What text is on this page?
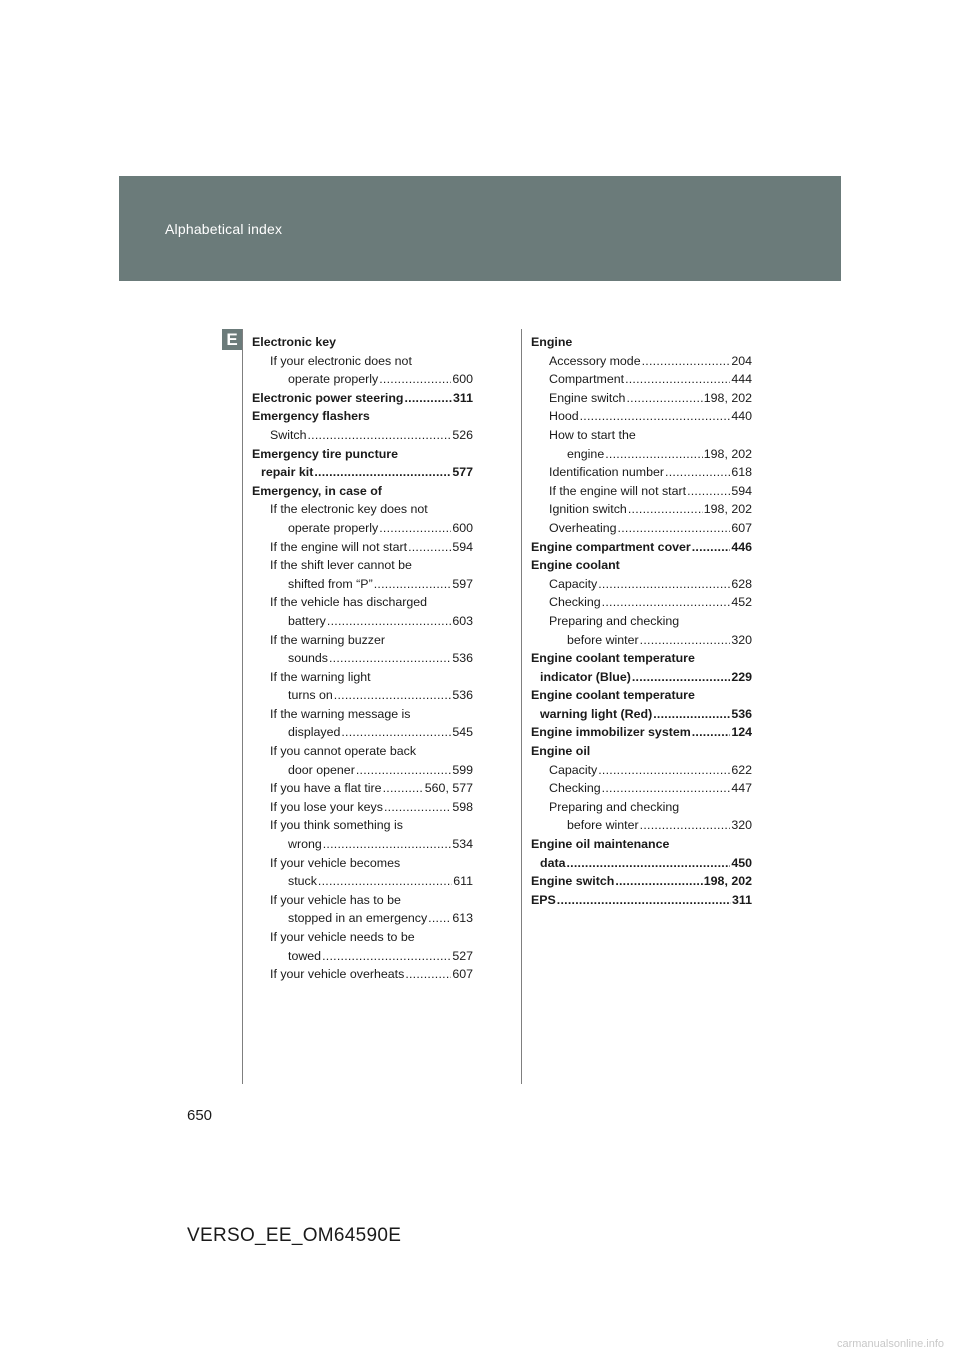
Alphabetical index
E	Electronic key
If your electronic does not
operate properly . . .	600
Electronic power steering . . .	311
Emergency flashers
Switch . . .	526
Emergency tire puncture
repair kit . . .	577
Emergency, in case of
If the electronic key does not
operate properly . . .	600
If the engine will not start . . .	594
If the shift lever cannot be
shifted from “P” . . .	597
If the vehicle has discharged
battery . . .	603
If the warning buzzer
sounds . . .	536
If the warning light
turns on . . .	536
If the warning message is
displayed . . .	545
If you cannot operate back
door opener . . .	599
If you have a flat tire . . .	560, 577
If you lose your keys . . .	598
If you think something is
wrong . . .	534
If your vehicle becomes
stuck . . .	611
If your vehicle has to be
stopped in an emergency . . . 613
If your vehicle needs to be
towed . . .	527
If your vehicle overheats . . .	607
Engine
Accessory mode . . .	204
Compartment . . .	444
Engine switch . . .	198, 202
Hood . . .	440
How to start the
engine . . .	198, 202
Identification number . . .	618
If the engine will not start . . .	594
Ignition switch . . .	198, 202
Overheating . . .	607
Engine compartment cover . . .	446
Engine coolant
Capacity . . .	628
Checking . . .	452
Preparing and checking
before winter . . .	320
Engine coolant temperature
indicator (Blue) . . .	229
Engine coolant temperature
warning light (Red) . . .	536
Engine immobilizer system . . .	124
Engine oil
Capacity . . .	622
Checking . . .	447
Preparing and checking
before winter . . .	320
Engine oil maintenance
data . . .	450
Engine switch . . .	198, 202
EPS . . .	311
650
VERSO_EE_OM64590E
carmanualsonline.info
